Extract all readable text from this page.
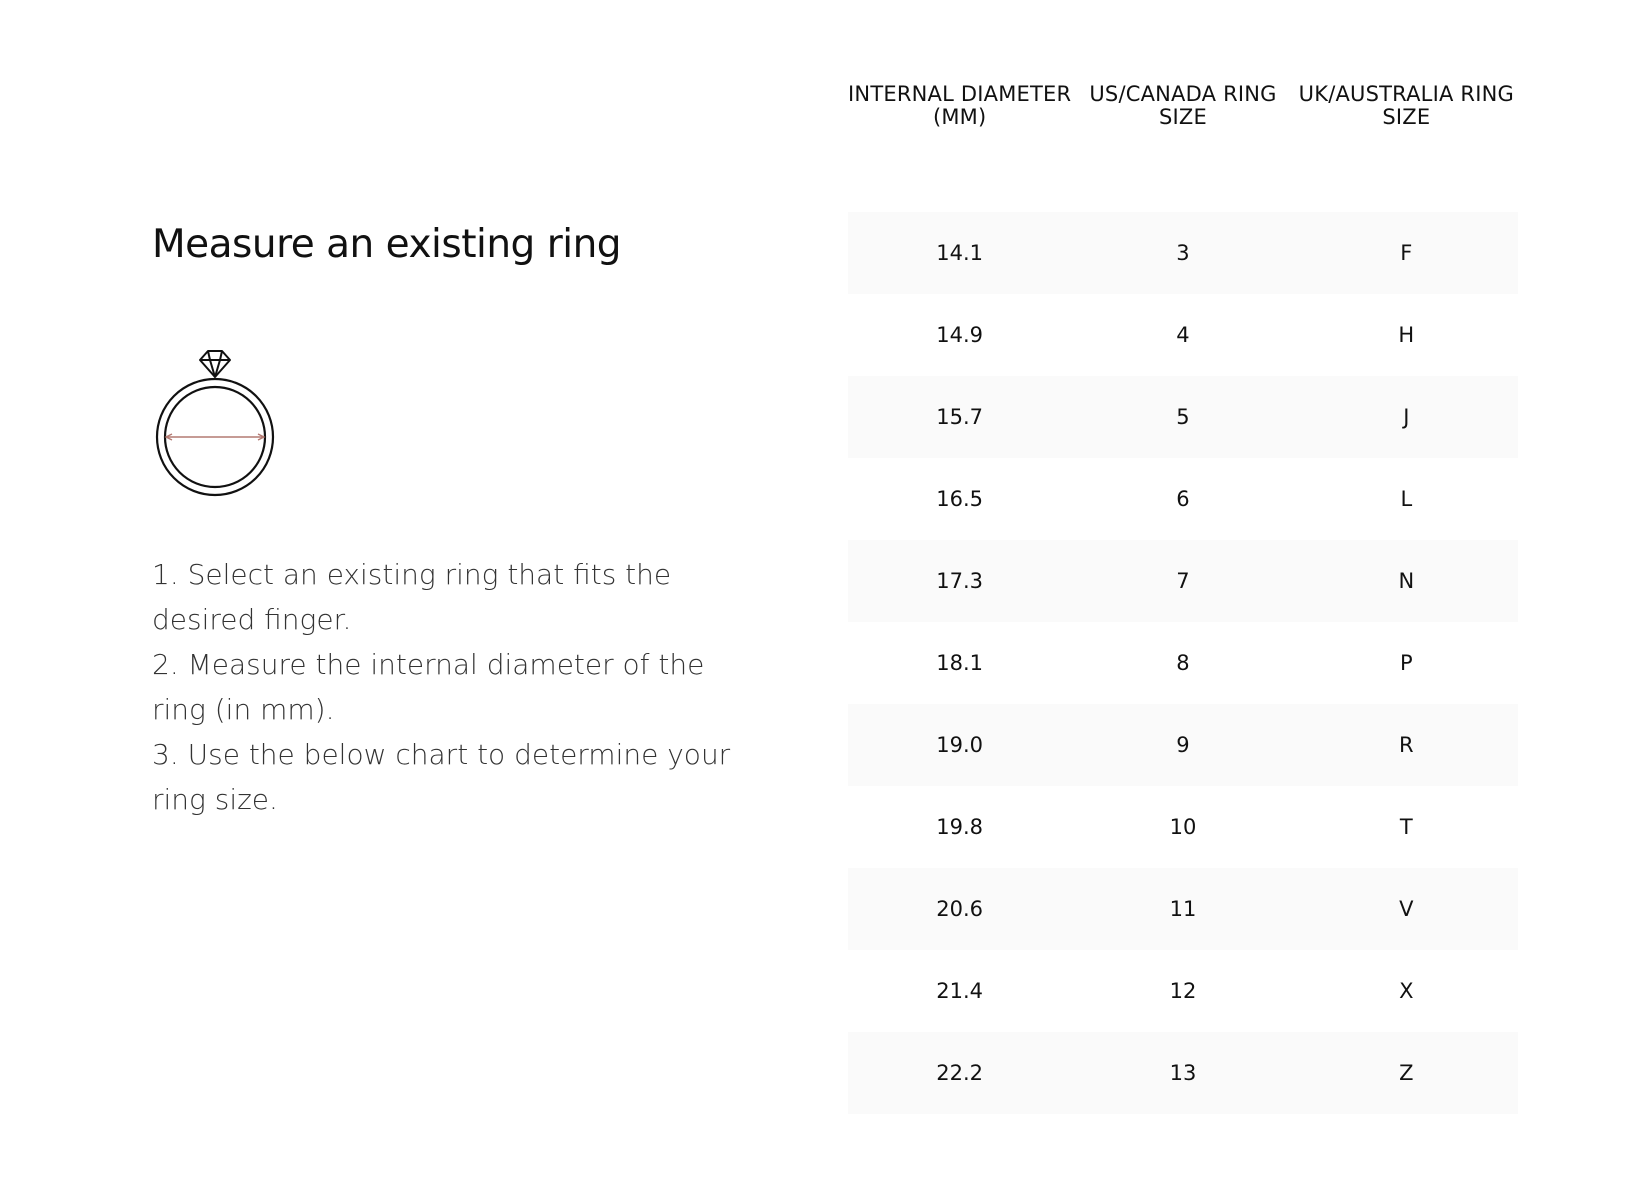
Measure an existing ring
1. Select an existing ring that fits the desired finger.
2. Measure the internal diameter of the ring (in mm).
3. Use the below chart to determine your ring size.
INTERNAL DIAMETER (MM)	US/CANADA RING SIZE	UK/AUSTRALIA RING SIZE

14.1	3	F
14.9	4	H
15.7	5	J
16.5	6	L
17.3	7	N
18.1	8	P
19.0	9	R
19.8	10	T
20.6	11	V
21.4	12	X
22.2	13	Z
